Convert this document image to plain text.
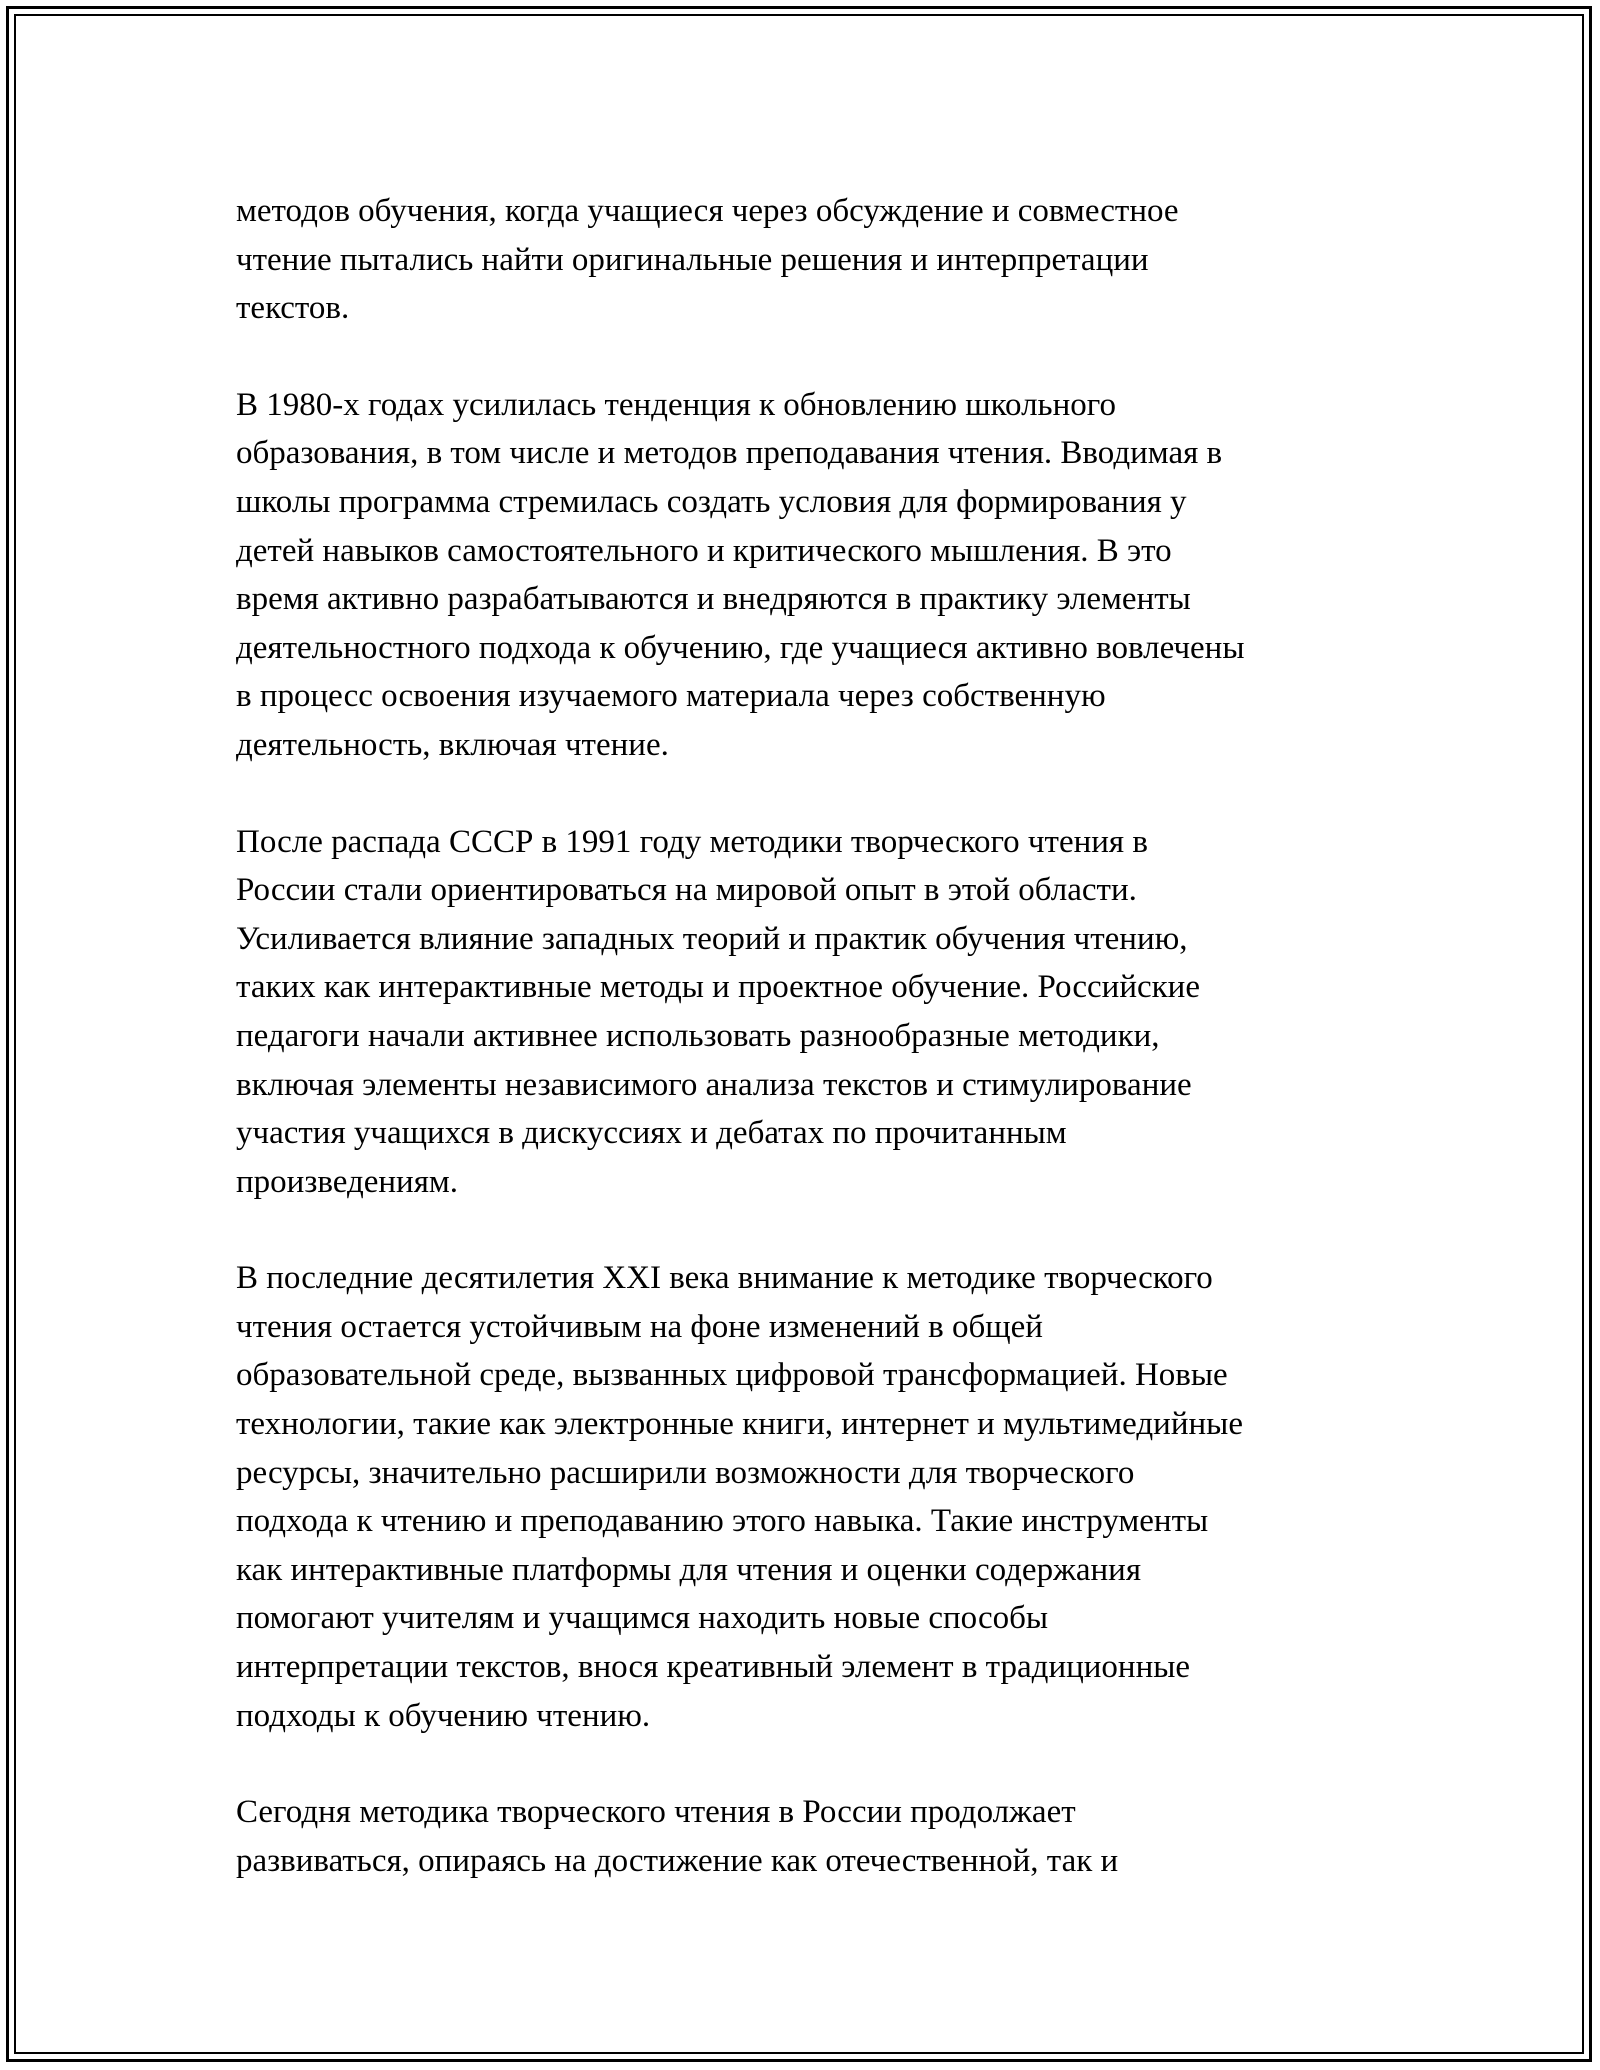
методов обучения, когда учащиеся через обсуждение и совместное
чтение пытались найти оригинальные решения и интерпретации
текстов.

В 1980-х годах усилилась тенденция к обновлению школьного
образования, в том числе и методов преподавания чтения. Вводимая в
школы программа стремилась создать условия для формирования у
детей навыков самостоятельного и критического мышления. В это
время активно разрабатываются и внедряются в практику элементы
деятельностного подхода к обучению, где учащиеся активно вовлечены
в процесс освоения изучаемого материала через собственную
деятельность, включая чтение.

После распада СССР в 1991 году методики творческого чтения в
России стали ориентироваться на мировой опыт в этой области.
Усиливается влияние западных теорий и практик обучения чтению,
таких как интерактивные методы и проектное обучение. Российские
педагоги начали активнее использовать разнообразные методики,
включая элементы независимого анализа текстов и стимулирование
участия учащихся в дискуссиях и дебатах по прочитанным
произведениям.

В последние десятилетия XXI века внимание к методике творческого
чтения остается устойчивым на фоне изменений в общей
образовательной среде, вызванных цифровой трансформацией. Новые
технологии, такие как электронные книги, интернет и мультимедийные
ресурсы, значительно расширили возможности для творческого
подхода к чтению и преподаванию этого навыка. Такие инструменты
как интерактивные платформы для чтения и оценки содержания
помогают учителям и учащимся находить новые способы
интерпретации текстов, внося креативный элемент в традиционные
подходы к обучению чтению.

Сегодня методика творческого чтения в России продолжает
развиваться, опираясь на достижение как отечественной, так и
